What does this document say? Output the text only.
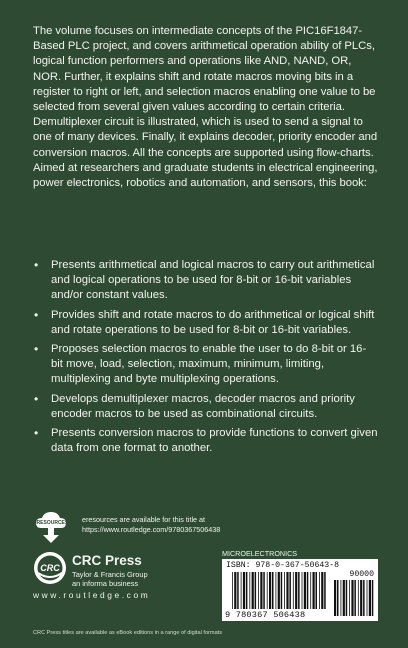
The volume focuses on intermediate concepts of the PIC16F1847-Based PLC project, and covers arithmetical operation ability of PLCs, logical function performers and operations like AND, NAND, OR, NOR. Further, it explains shift and rotate macros moving bits in a register to right or left, and selection macros enabling one value to be selected from several given values according to certain criteria. Demultiplexer circuit is illustrated, which is used to send a signal to one of many devices. Finally, it explains decoder, priority encoder and conversion macros. All the concepts are supported using flow-charts. Aimed at researchers and graduate students in electrical engineering, power electronics, robotics and automation, and sensors, this book:

• Presents arithmetical and logical macros to carry out arithmetical and logical operations to be used for 8-bit or 16-bit variables and/or constant values.
• Provides shift and rotate macros to do arithmetical or logical shift and rotate operations to be used for 8-bit or 16-bit variables.
• Proposes selection macros to enable the user to do 8-bit or 16-bit move, load, selection, maximum, minimum, limiting, multiplexing and byte multiplexing operations.
• Develops demultiplexer macros, decoder macros and priority encoder macros to be used as combinational circuits.
• Presents conversion macros to provide functions to convert given data from one format to another.
eRESOURCES eresources are available for this title at
https://www.routledge.com/9780367506438
CRC CRC Press
Taylor & Francis Group
an informa business
www.routledge.com
MICROELECTRONICS
ISBN: 978-0-367-50643-8
90000
9 780367 506438
CRC Press titles are available as eBook editions in a range of digital formats
